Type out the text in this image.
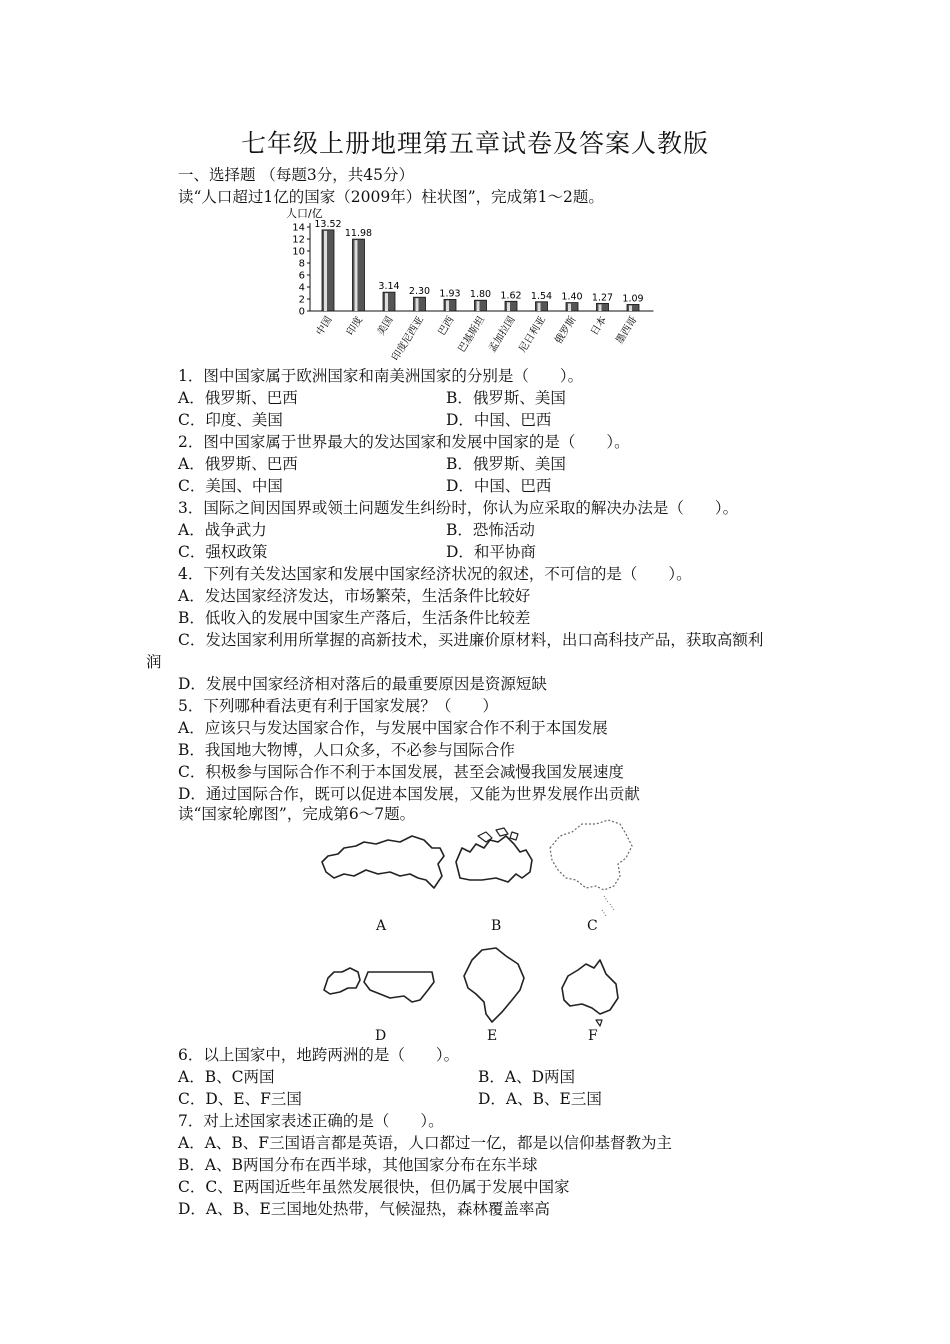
七年级上册地理第五章试卷及答案人教版
一、选择题 （每题3分，共45分）
读“人口超过1亿的国家（2009年）柱状图”，完成第1～2题。
人口/亿
0
2
4
6
8
10
12
14 13.52
中国
11.98
印度
3.14
美国
2.30
印度尼西亚
1.93
巴西
1.80
巴基斯坦
1.62
孟加拉国
1.54
尼日利亚
1.40
俄罗斯
1.27
日本
1.09
墨西哥
1．图中国家属于欧洲国家和南美洲国家的分别是（　　）。
A．俄罗斯、巴西	B．俄罗斯、美国
C．印度、美国	D．中国、巴西
2．图中国家属于世界最大的发达国家和发展中国家的是（　　）。
A．俄罗斯、巴西	B．俄罗斯、美国
C．美国、中国	D．中国、巴西
3．国际之间因国界或领土问题发生纠纷时，你认为应采取的解决办法是（　　）。
A．战争武力	B．恐怖活动
C．强权政策	D．和平协商
4．下列有关发达国家和发展中国家经济状况的叙述，不可信的是（　　）。
A．发达国家经济发达，市场繁荣，生活条件比较好
B．低收入的发展中国家生产落后，生活条件比较差
C．发达国家利用所掌握的高新技术，买进廉价原材料，出口高科技产品，获取高额利
润
D．发展中国家经济相对落后的最重要原因是资源短缺
5．下列哪种看法更有利于国家发展？（　　）
A．应该只与发达国家合作，与发展中国家合作不利于本国发展
B．我国地大物博，人口众多，不必参与国际合作
C．积极参与国际合作不利于本国发展，甚至会减慢我国发展速度
D．通过国际合作，既可以促进本国发展，又能为世界发展作出贡献
读“国家轮廓图”，完成第6～7题。
A	B	C
D	E	F
6．以上国家中，地跨两洲的是（　　）。
A．B、C两国	B．A、D两国
C．D、E、F三国	D．A、B、E三国
7．对上述国家表述正确的是（　　）。
A．A、B、F三国语言都是英语，人口都过一亿，都是以信仰基督教为主
B．A、B两国分布在西半球，其他国家分布在东半球
C．C、E两国近些年虽然发展很快，但仍属于发展中国家
D．A、B、E三国地处热带，气候湿热，森林覆盖率高
